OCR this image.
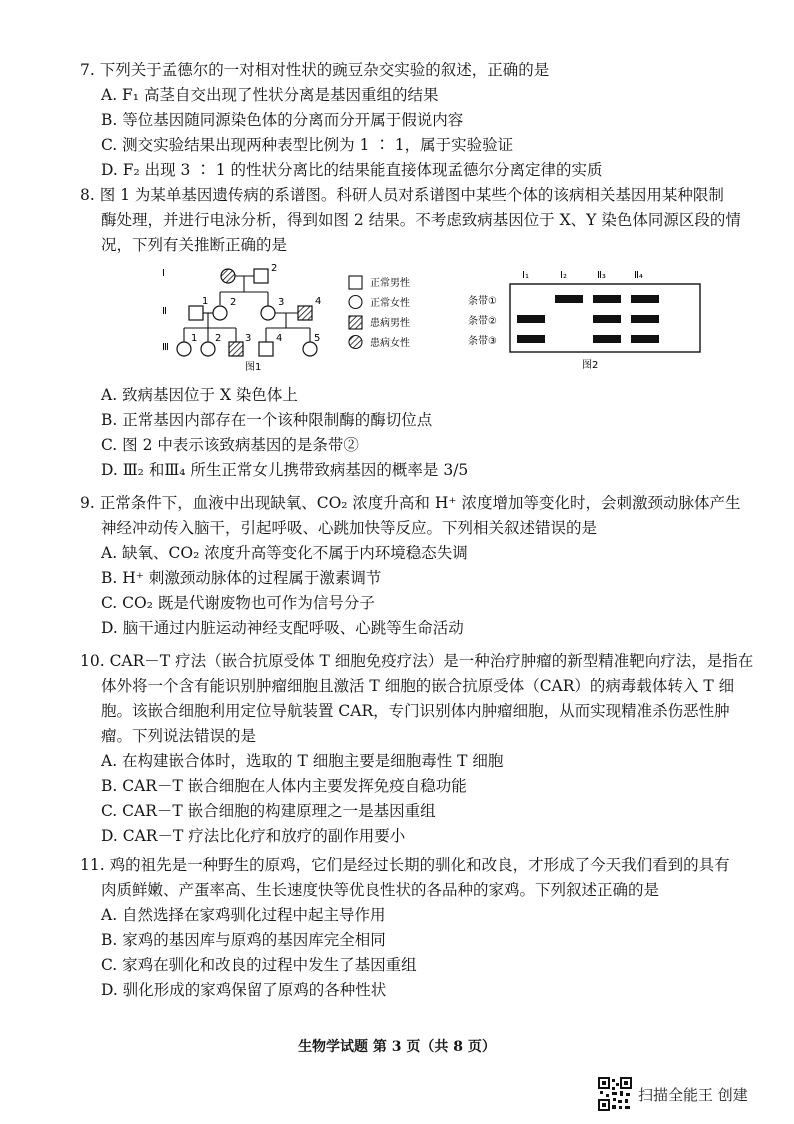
7. 下列关于孟德尔的一对相对性状的豌豆杂交实验的叙述，正确的是
A. F₁ 高茎自交出现了性状分离是基因重组的结果
B. 等位基因随同源染色体的分离而分开属于假说内容
C. 测交实验结果出现两种表型比例为 1 ∶ 1，属于实验验证
D. F₂ 出现 3 ∶ 1 的性状分离比的结果能直接体现孟德尔分离定律的实质
8. 图 1 为某单基因遗传病的系谱图。科研人员对系谱图中某些个体的该病相关基因用某种限制
酶处理，并进行电泳分析，得到如图 2 结果。不考虑致病基因位于 X、Y 染色体同源区段的情
况，下列有关推断正确的是
Ⅰ
Ⅱ
Ⅲ
2
1 2	3	4
1 2 3 4	5
图1
正常男性
正常女性
患病男性
患病女性
Ⅰ₁	Ⅰ₂	Ⅱ₃	Ⅱ₄
条带①
条带②
条带③
图2
A. 致病基因位于 X 染色体上
B. 正常基因内部存在一个该种限制酶的酶切位点
C. 图 2 中表示该致病基因的是条带②
D. Ⅲ₂ 和Ⅲ₄ 所生正常女儿携带致病基因的概率是 3/5
9. 正常条件下，血液中出现缺氧、CO₂ 浓度升高和 H⁺ 浓度增加等变化时，会刺激颈动脉体产生
神经冲动传入脑干，引起呼吸、心跳加快等反应。下列相关叙述错误的是
A. 缺氧、CO₂ 浓度升高等变化不属于内环境稳态失调
B. H⁺ 刺激颈动脉体的过程属于激素调节
C. CO₂ 既是代谢废物也可作为信号分子
D. 脑干通过内脏运动神经支配呼吸、心跳等生命活动
10. CAR－T 疗法（嵌合抗原受体 T 细胞免疫疗法）是一种治疗肿瘤的新型精准靶向疗法，是指在
体外将一个含有能识别肿瘤细胞且激活 T 细胞的嵌合抗原受体（CAR）的病毒载体转入 T 细
胞。该嵌合细胞利用定位导航装置 CAR，专门识别体内肿瘤细胞，从而实现精准杀伤恶性肿
瘤。下列说法错误的是
A. 在构建嵌合体时，选取的 T 细胞主要是细胞毒性 T 细胞
B. CAR－T 嵌合细胞在人体内主要发挥免疫自稳功能
C. CAR－T 嵌合细胞的构建原理之一是基因重组
D. CAR－T 疗法比化疗和放疗的副作用要小
11. 鸡的祖先是一种野生的原鸡，它们是经过长期的驯化和改良，才形成了今天我们看到的具有
肉质鲜嫩、产蛋率高、生长速度快等优良性状的各品种的家鸡。下列叙述正确的是
A. 自然选择在家鸡驯化过程中起主导作用
B. 家鸡的基因库与原鸡的基因库完全相同
C. 家鸡在驯化和改良的过程中发生了基因重组
D. 驯化形成的家鸡保留了原鸡的各种性状
生物学试题 第 3 页（共 8 页）
扫描全能王 创建
